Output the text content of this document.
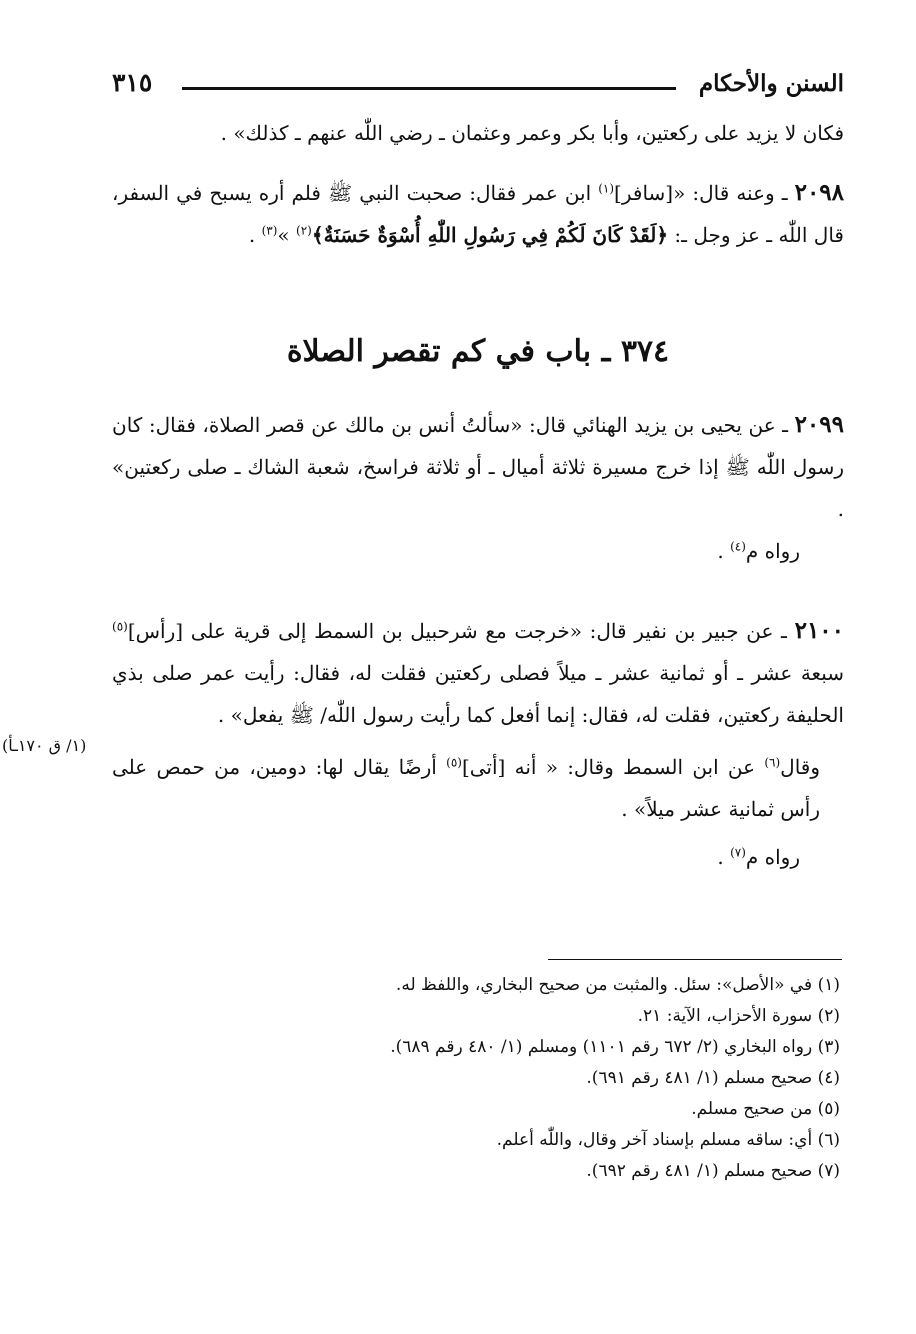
٣١٥	السنن والأحكام

فكان لا يزيد على ركعتين، وأبا بكر وعمر وعثمان ـ رضي اللّٰه عنهم ـ كذلك» .

٢٠٩٨ ـ وعنه قال: «[سافر]$^{(١)}$ ابن عمر فقال: صحبت النبي ﷺ فلم أره يسبح في السفر، قال اللّٰه ـ عز وجل ـ: ﴿لَقَدْ كَانَ لَكُمْ فِي رَسُولِ اللّٰهِ أُسْوَةٌ حَسَنَةٌ﴾$^{(٢)}$ »$^{(٣)}$ .

٣٧٤ ـ باب في كم تقصر الصلاة

٢٠٩٩ ـ عن يحيى بن يزيد الهنائي قال: «سألتُ أنس بن مالك عن قصر الصلاة، فقال: كان رسول اللّٰه ﷺ إذا خرج مسيرة ثلاثة أميال ـ أو ثلاثة فراسخ، شعبة الشاك ـ صلى ركعتين» .

رواه م$^{(٤)}$ .

٢١٠٠ ـ عن جبير بن نفير قال: «خرجت مع شرحبيل بن السمط إلى قرية على [رأس]$^{(٥)}$ سبعة عشر ـ أو ثمانية عشر ـ ميلاً فصلى ركعتين فقلت له، فقال: رأيت عمر صلى بذي الحليفة ركعتين، فقلت له، فقال: إنما أفعل كما رأيت رسول اللّٰه/ ﷺ يفعل» .

وقال$^{(٦)}$ عن ابن السمط وقال: « أنه [أتى]$^{(٥)}$ أرضًا يقال لها: دومين، من حمص على رأس ثمانية عشر ميلاً» .

رواه م$^{(٧)}$ .

(١/ ق ١٧٠ـأ)

(١) في «الأصل»: سئل. والمثبت من صحيح البخاري، واللفظ له.

(٢) سورة الأحزاب، الآية: ٢١.

(٣) رواه البخاري (٢/ ٦٧٢ رقم ١١٠١) ومسلم (١/ ٤٨٠ رقم ٦٨٩).

(٤) صحيح مسلم (١/ ٤٨١ رقم ٦٩١).

(٥) من صحيح مسلم.

(٦) أي: ساقه مسلم بإسناد آخر وقال، واللّٰه أعلم.

(٧) صحيح مسلم (١/ ٤٨١ رقم ٦٩٢).
